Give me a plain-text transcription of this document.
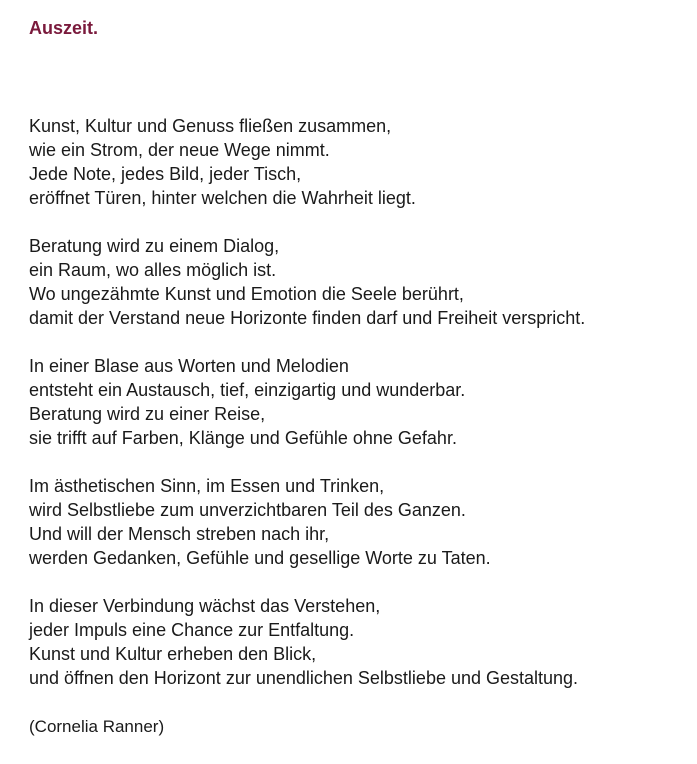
Auszeit.
Kunst, Kultur und Genuss fließen zusammen,
wie ein Strom, der neue Wege nimmt.
Jede Note, jedes Bild, jeder Tisch,
eröffnet Türen, hinter welchen die Wahrheit liegt.
Beratung wird zu einem Dialog,
ein Raum, wo alles möglich ist.
Wo ungezähmte Kunst und Emotion die Seele berührt,
damit der Verstand neue Horizonte finden darf und Freiheit verspricht.
In einer Blase aus Worten und Melodien
entsteht ein Austausch, tief, einzigartig und wunderbar.
Beratung wird zu einer Reise,
sie trifft auf Farben, Klänge und Gefühle ohne Gefahr.
Im ästhetischen Sinn, im Essen und Trinken,
wird Selbstliebe zum unverzichtbaren Teil des Ganzen.
Und will der Mensch streben nach ihr,
werden Gedanken, Gefühle und gesellige Worte zu Taten.
In dieser Verbindung wächst das Verstehen,
jeder Impuls eine Chance zur Entfaltung.
Kunst und Kultur erheben den Blick,
und öffnen den Horizont zur unendlichen Selbstliebe und Gestaltung.

(Cornelia Ranner)
